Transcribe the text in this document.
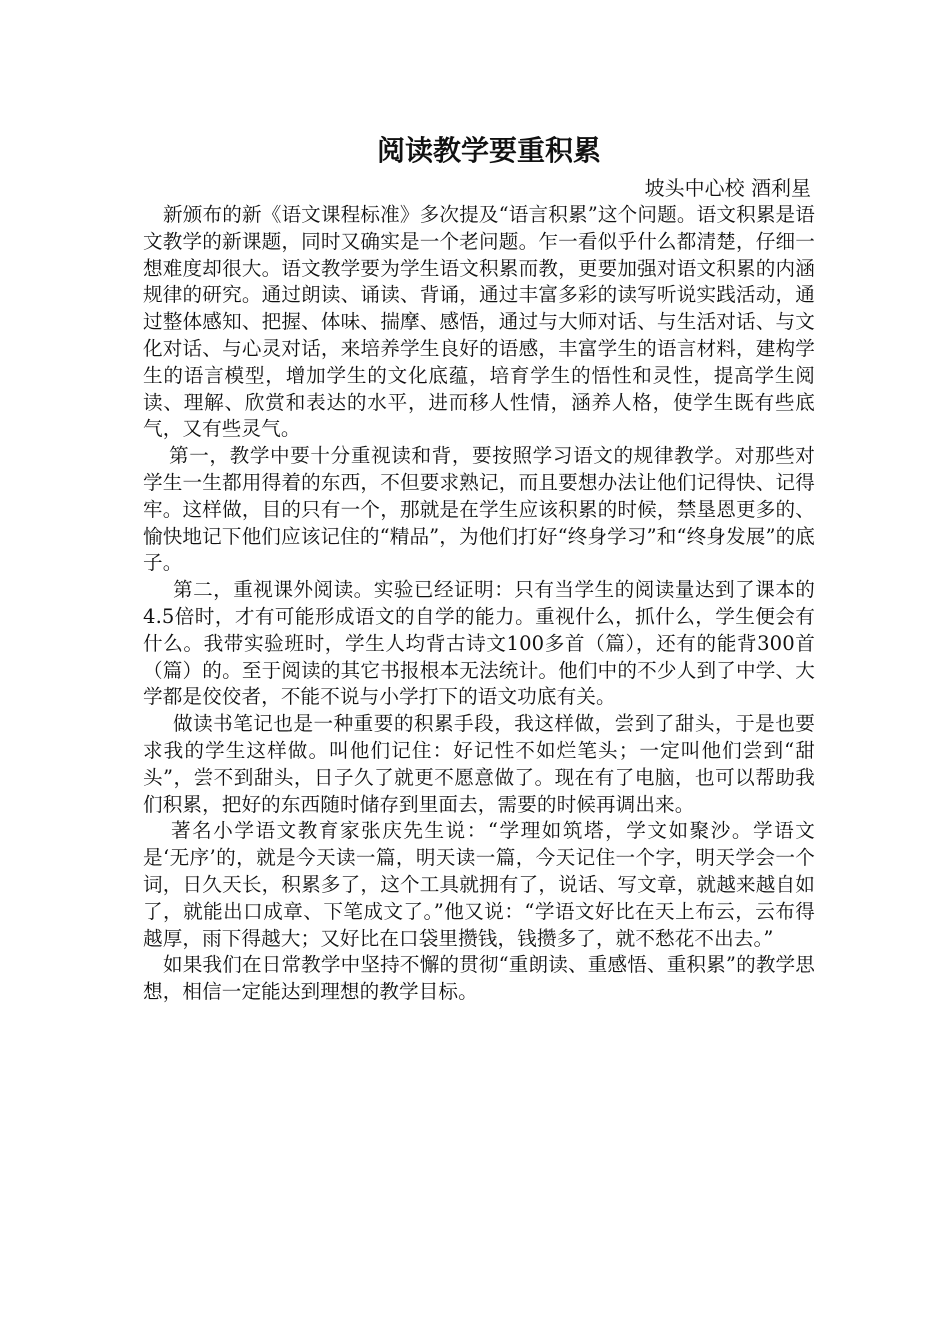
阅读教学要重积累

坡头中心校 酒利星

新颁布的新《语文课程标准》多次提及“语言积累”这个问题。语文积累是语文教学的新课题，同时又确实是一个老问题。乍一看似乎什么都清楚，仔细一想难度却很大。语文教学要为学生语文积累而教，更要加强对语文积累的内涵规律的研究。通过朗读、诵读、背诵，通过丰富多彩的读写听说实践活动，通过整体感知、把握、体味、揣摩、感悟，通过与大师对话、与生活对话、与文化对话、与心灵对话，来培养学生良好的语感，丰富学生的语言材料，建构学生的语言模型，增加学生的文化底蕴，培育学生的悟性和灵性，提高学生阅读、理解、欣赏和表达的水平，进而移人性情，涵养人格，使学生既有些底气，又有些灵气。

第一，教学中要十分重视读和背，要按照学习语文的规律教学。对那些对学生一生都用得着的东西，不但要求熟记，而且要想办法让他们记得快、记得牢。这样做，目的只有一个，那就是在学生应该积累的时候，禁垦恩更多的、愉快地记下他们应该记住的“精品”，为他们打好“终身学习”和“终身发展”的底子。

第二，重视课外阅读。实验已经证明：只有当学生的阅读量达到了课本的4.5倍时，才有可能形成语文的自学的能力。重视什么，抓什么，学生便会有什么。我带实验班时，学生人均背古诗文100多首（篇），还有的能背300首（篇）的。至于阅读的其它书报根本无法统计。他们中的不少人到了中学、大学都是佼佼者，不能不说与小学打下的语文功底有关。

做读书笔记也是一种重要的积累手段，我这样做，尝到了甜头，于是也要求我的学生这样做。叫他们记住：好记性不如烂笔头；一定叫他们尝到“甜头”，尝不到甜头，日子久了就更不愿意做了。现在有了电脑，也可以帮助我们积累，把好的东西随时储存到里面去，需要的时候再调出来。

著名小学语文教育家张庆先生说：“学理如筑塔，学文如聚沙。学语文是‘无序’的，就是今天读一篇，明天读一篇，今天记住一个字，明天学会一个词，日久天长，积累多了，这个工具就拥有了，说话、写文章，就越来越自如了，就能出口成章、下笔成文了。”他又说：“学语文好比在天上布云，云布得越厚，雨下得越大；又好比在口袋里攒钱，钱攒多了，就不愁花不出去。”

如果我们在日常教学中坚持不懈的贯彻“重朗读、重感悟、重积累”的教学思想，相信一定能达到理想的教学目标。
